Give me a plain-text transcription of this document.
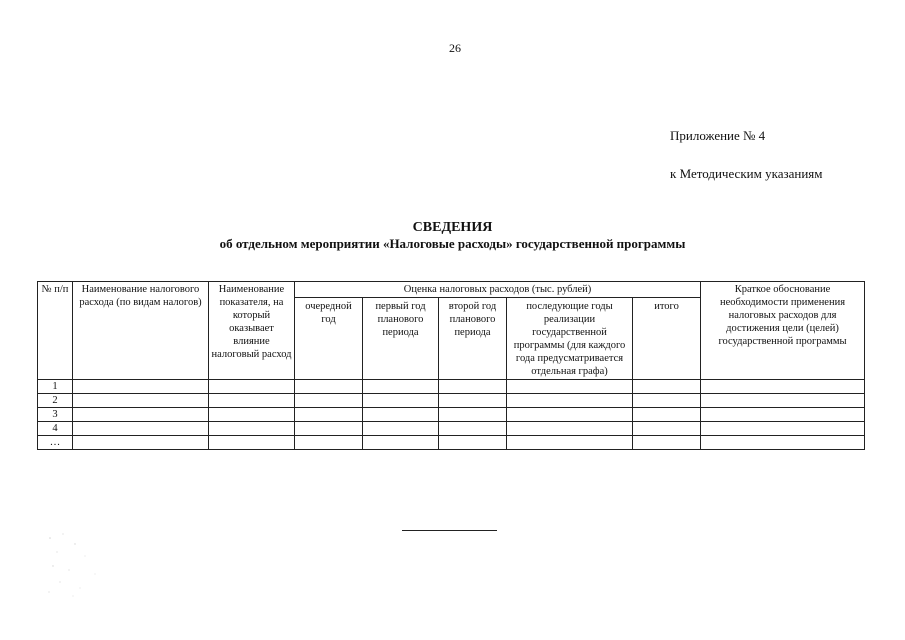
26
Приложение № 4
к Методическим указаниям
СВЕДЕНИЯ
об отдельном мероприятии «Налоговые расходы» государственной программы
№ п/п	Наименование налогового расхода (по видам налогов)	Наименование показателя, на который оказывает влияние налоговый расход	Оценка налоговых расходов (тыс. рублей)					Краткое обоснование необходимости применения налоговых расходов для достижения цели (целей) государственной программы
			очередной год	первый год планового периода	второй год планового периода	последующие годы реализации государственной программы (для каждого года предусматривается отдельная графа)	итого	
1								
2								
3								
4								
…								
